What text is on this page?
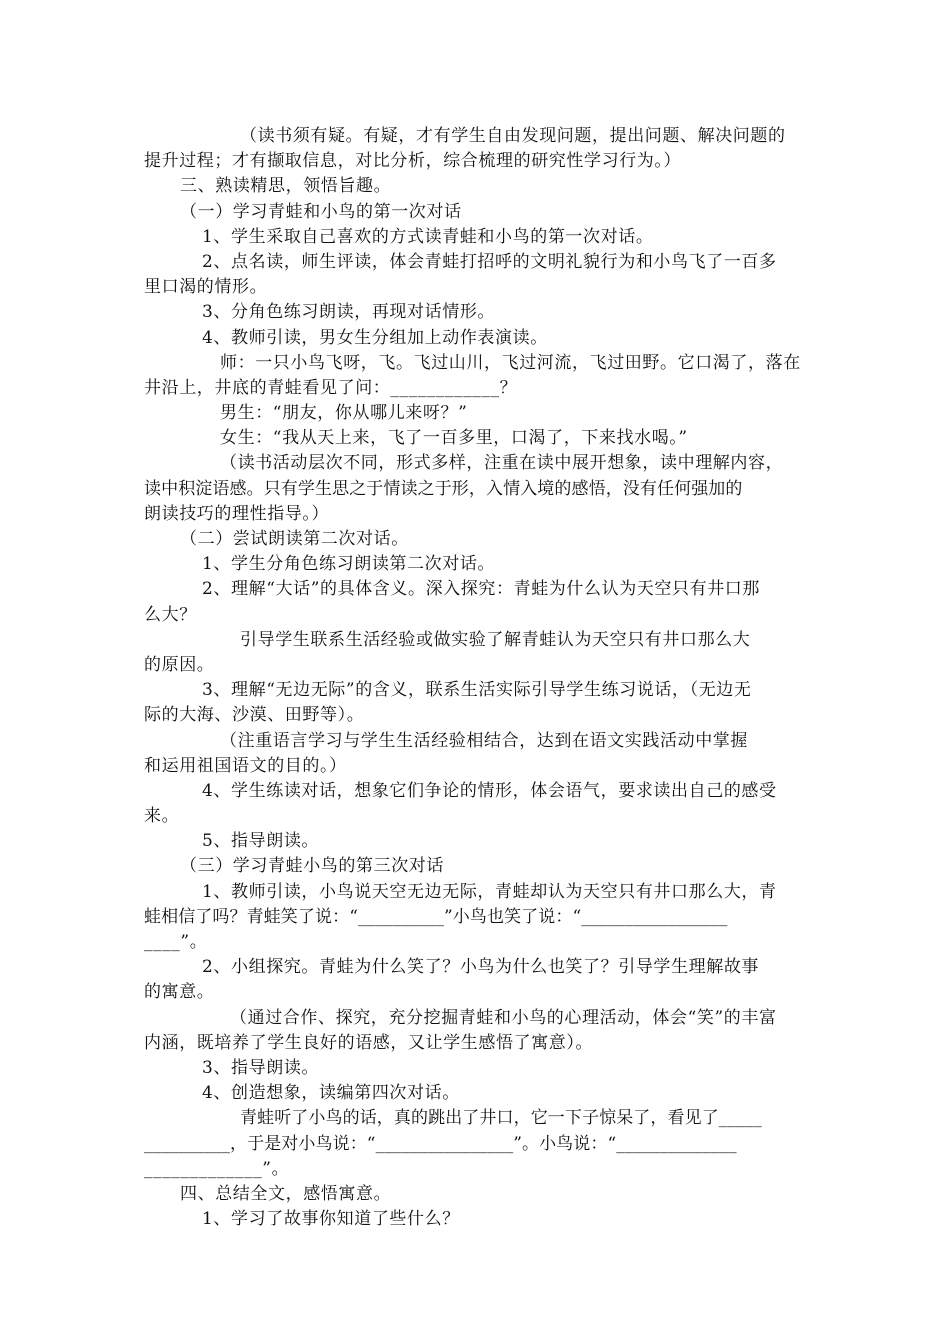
（读书须有疑。有疑，才有学生自由发现问题，提出问题、解决问题的
提升过程；才有撷取信息，对比分析，综合梳理的研究性学习行为。）
三、熟读精思，领悟旨趣。
（一）学习青蛙和小鸟的第一次对话
1、学生采取自己喜欢的方式读青蛙和小鸟的第一次对话。
2、点名读，师生评读，体会青蛙打招呼的文明礼貌行为和小鸟飞了一百多
里口渴的情形。
3、分角色练习朗读，再现对话情形。
4、教师引读，男女生分组加上动作表演读。
师：一只小鸟飞呀，飞。飞过山川，飞过河流，飞过田野。它口渴了，落在
井沿上，井底的青蛙看见了问：____________？
男生：“朋友，你从哪儿来呀？”
女生：“我从天上来，飞了一百多里，口渴了，下来找水喝。”
（读书活动层次不同，形式多样，注重在读中展开想象，读中理解内容，
读中积淀语感。只有学生思之于情读之于形，入情入境的感悟，没有任何强加的
朗读技巧的理性指导。）
（二）尝试朗读第二次对话。
1、学生分角色练习朗读第二次对话。
2、理解“大话”的具体含义。深入探究：青蛙为什么认为天空只有井口那
么大？
引导学生联系生活经验或做实验了解青蛙认为天空只有井口那么大
的原因。
3、理解“无边无际”的含义，联系生活实际引导学生练习说话，（无边无
际的大海、沙漠、田野等）。
（注重语言学习与学生生活经验相结合，达到在语文实践活动中掌握
和运用祖国语文的目的。）
4、学生练读对话，想象它们争论的情形，体会语气，要求读出自己的感受
来。
5、指导朗读。
（三）学习青蛙小鸟的第三次对话
1、教师引读，小鸟说天空无边无际，青蛙却认为天空只有井口那么大，青
蛙相信了吗？青蛙笑了说：“__________”小鸟也笑了说：“_________________
____”。
2、小组探究。青蛙为什么笑了？小鸟为什么也笑了？引导学生理解故事
的寓意。
（通过合作、探究，充分挖掘青蛙和小鸟的心理活动，体会“笑”的丰富
内涵，既培养了学生良好的语感，又让学生感悟了寓意）。
3、指导朗读。
4、创造想象，读编第四次对话。
青蛙听了小鸟的话，真的跳出了井口，它一下子惊呆了，看见了_____
__________，于是对小鸟说：“________________”。小鸟说：“______________
_____________”。
四、总结全文，感悟寓意。
1、学习了故事你知道了些什么？
